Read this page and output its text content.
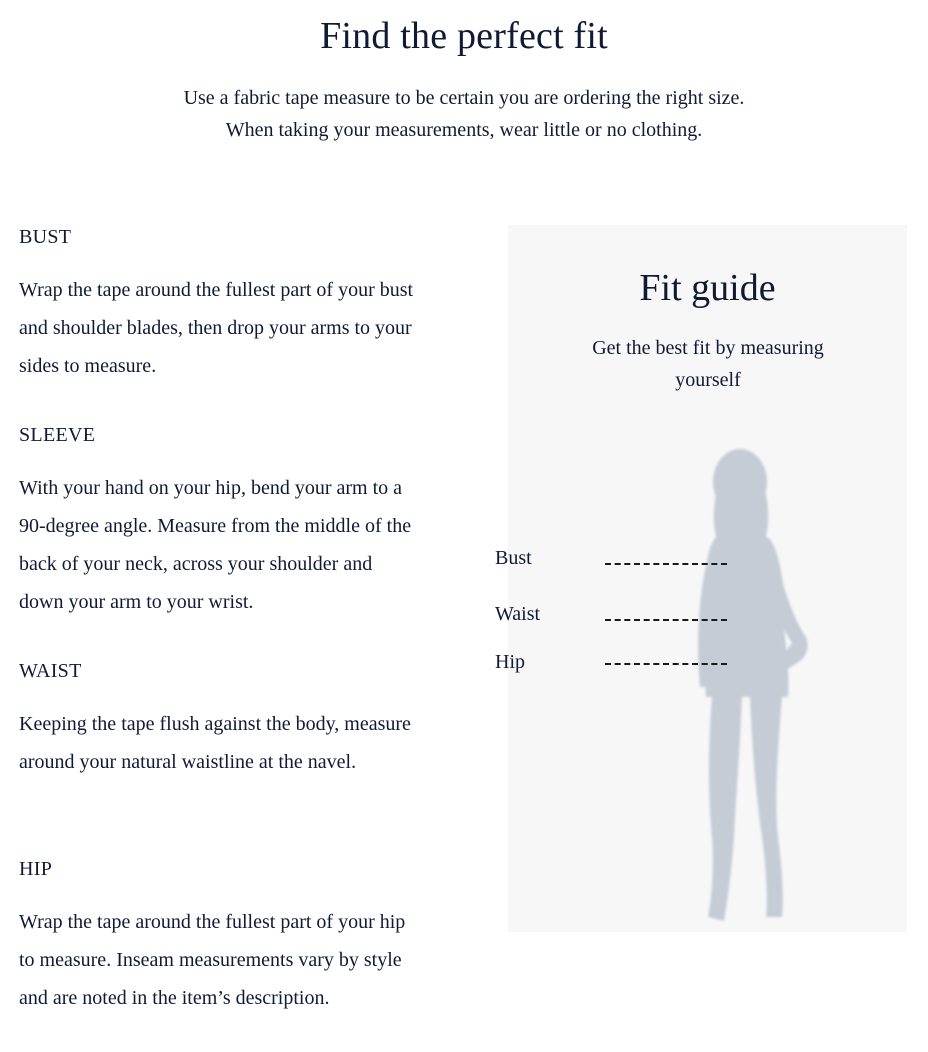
Find the perfect fit

Use a fabric tape measure to be certain you are ordering the right size.

When taking your measurements, wear little or no clothing.

BUST

Wrap the tape around the fullest part of your bust and shoulder blades, then drop your arms to your sides to measure.

SLEEVE

With your hand on your hip, bend your arm to a 90-degree angle. Measure from the middle of the back of your neck, across your shoulder and down your arm to your wrist.

WAIST

Keeping the tape flush against the body, measure around your natural waistline at the navel.

HIP

Wrap the tape around the fullest part of your hip to measure. Inseam measurements vary by style and are noted in the item’s description.

Fit guide

Get the best fit by measuring yourself

Bust
Waist
Hip
